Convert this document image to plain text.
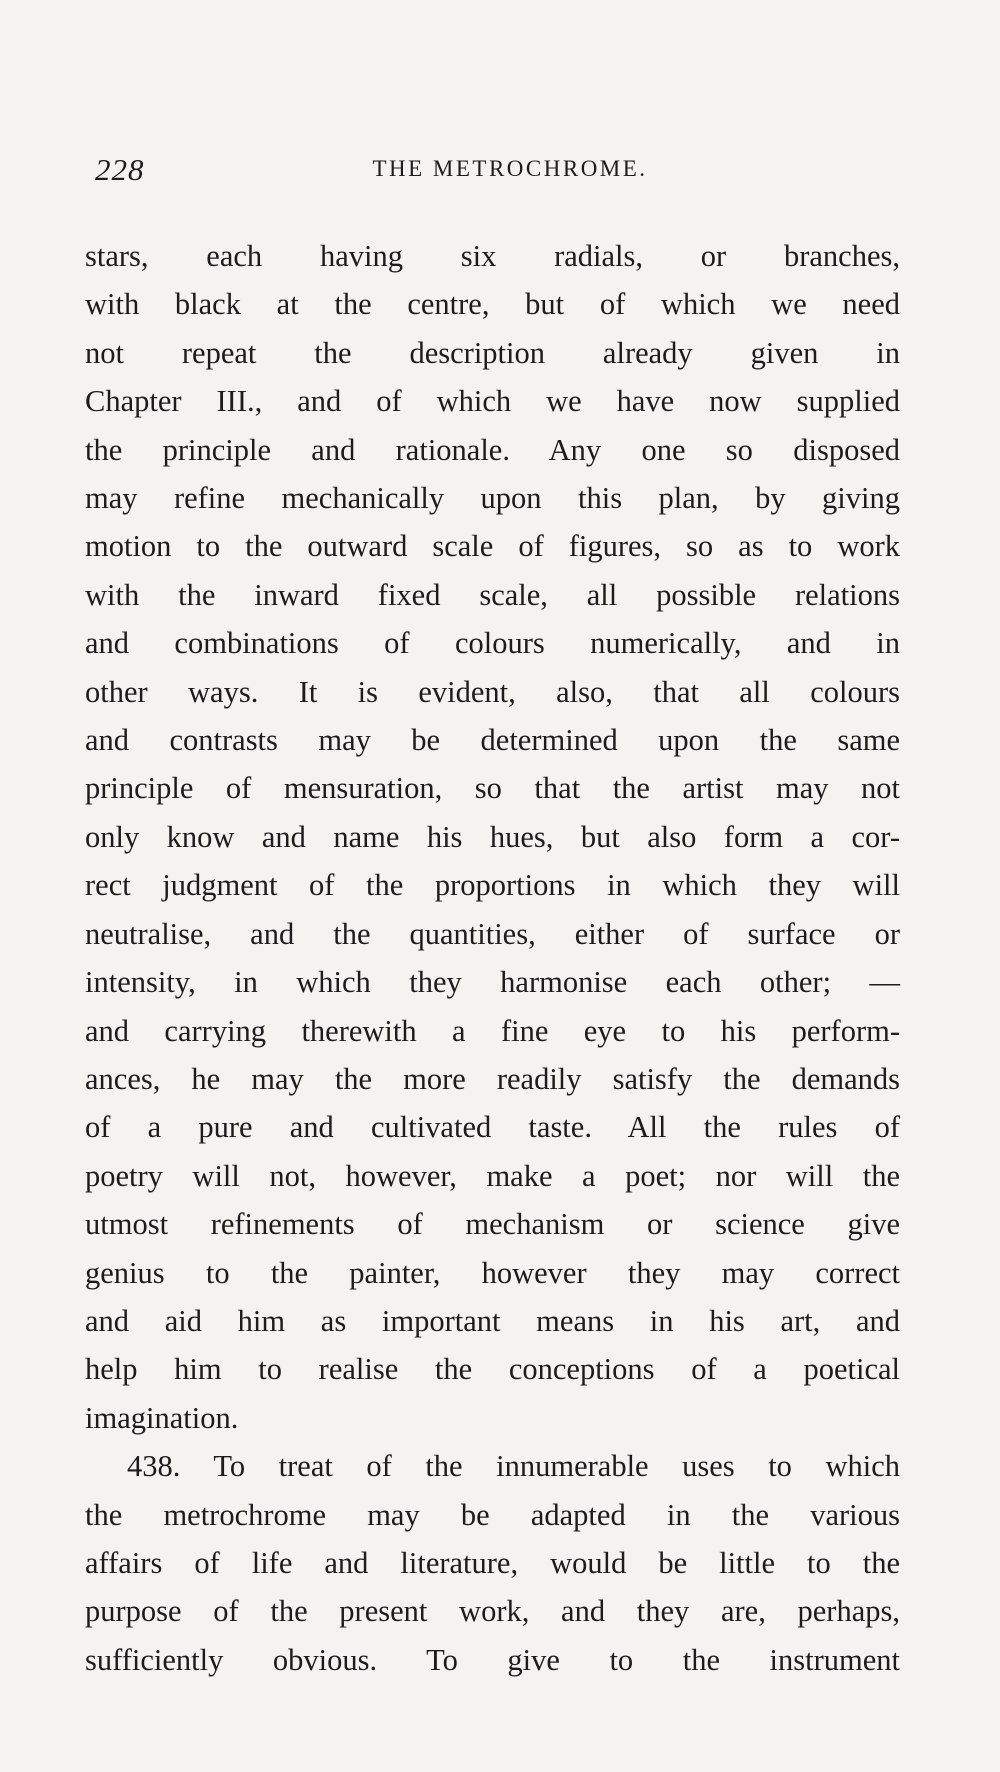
228	THE METROCHROME.
stars, each having six radials, or branches,
with black at the centre, but of which we need
not repeat the description already given in
Chapter III., and of which we have now supplied
the principle and rationale. Any one so disposed
may refine mechanically upon this plan, by giving
motion to the outward scale of figures, so as to work
with the inward fixed scale, all possible relations
and combinations of colours numerically, and in
other ways. It is evident, also, that all colours
and contrasts may be determined upon the same
principle of mensuration, so that the artist may not
only know and name his hues, but also form a cor-
rect judgment of the proportions in which they will
neutralise, and the quantities, either of surface or
intensity, in which they harmonise each other; —
and carrying therewith a fine eye to his perform-
ances, he may the more readily satisfy the demands
of a pure and cultivated taste. All the rules of
poetry will not, however, make a poet; nor will the
utmost refinements of mechanism or science give
genius to the painter, however they may correct
and aid him as important means in his art, and
help him to realise the conceptions of a poetical
imagination.
438. To treat of the innumerable uses to which
the metrochrome may be adapted in the various
affairs of life and literature, would be little to the
purpose of the present work, and they are, perhaps,
sufficiently obvious. To give to the instrument
